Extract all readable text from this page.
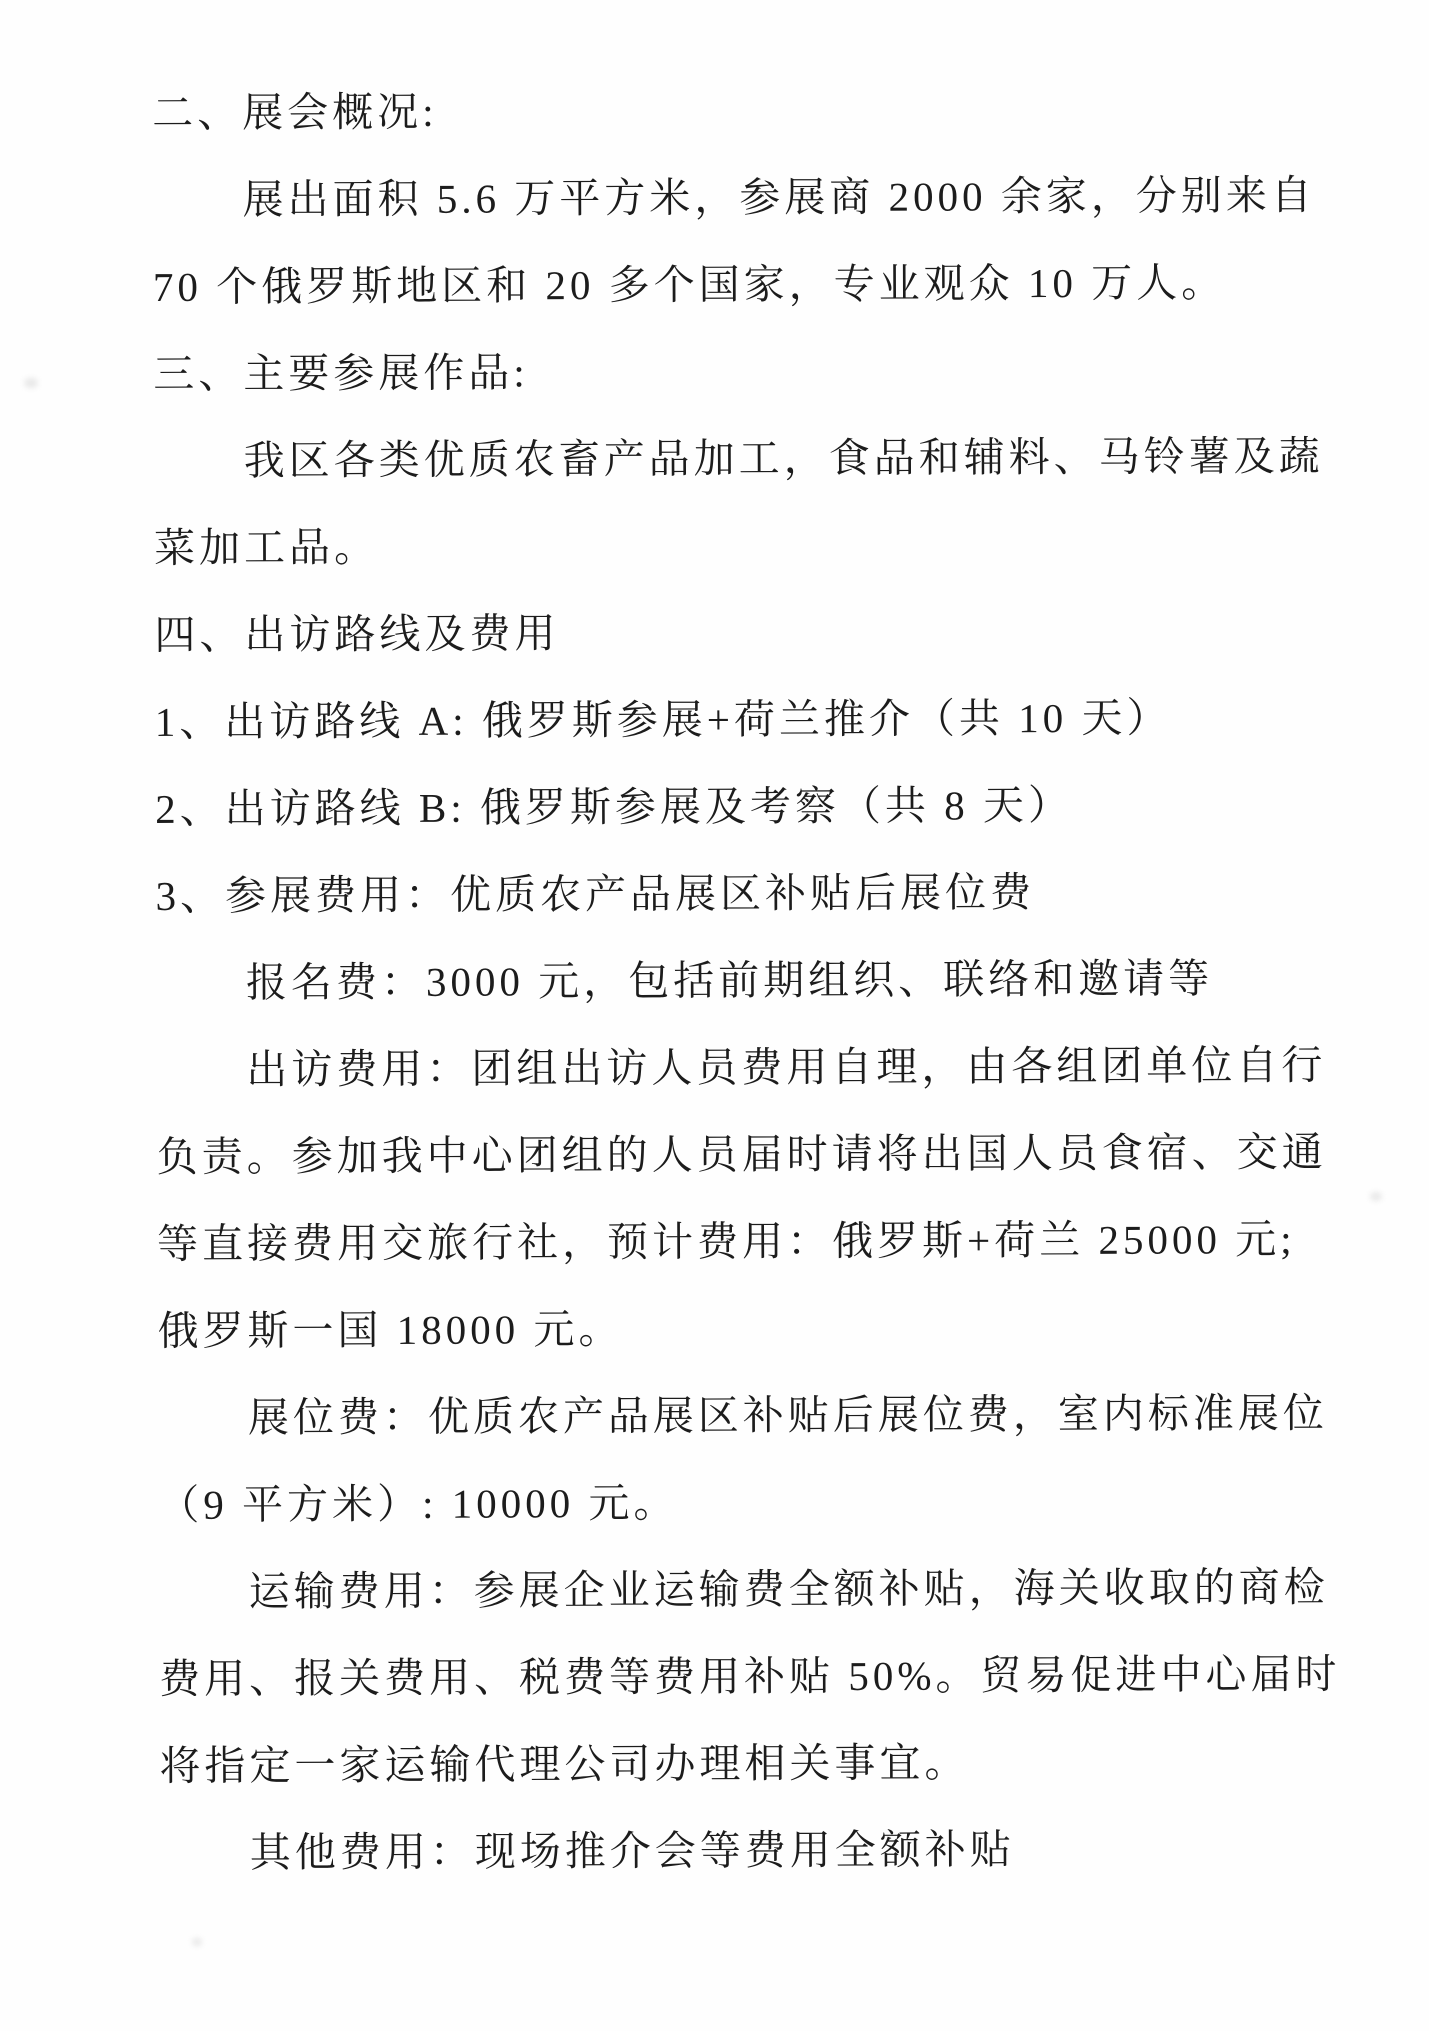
二、展会概况:
展出面积 5.6 万平方米，参展商 2000 余家，分别来自
70 个俄罗斯地区和 20 多个国家，专业观众 10 万人。
三、主要参展作品:
我区各类优质农畜产品加工，食品和辅料、马铃薯及蔬
菜加工品。
四、出访路线及费用
1、出访路线 A: 俄罗斯参展+荷兰推介（共 10 天）
2、出访路线 B: 俄罗斯参展及考察（共 8 天）
3、参展费用：优质农产品展区补贴后展位费
报名费：3000 元，包括前期组织、联络和邀请等
出访费用：团组出访人员费用自理，由各组团单位自行
负责。参加我中心团组的人员届时请将出国人员食宿、交通
等直接费用交旅行社，预计费用：俄罗斯+荷兰 25000 元;
俄罗斯一国 18000 元。
展位费：优质农产品展区补贴后展位费，室内标准展位
（9 平方米）: 10000 元。
运输费用：参展企业运输费全额补贴，海关收取的商检
费用、报关费用、税费等费用补贴 50%。贸易促进中心届时
将指定一家运输代理公司办理相关事宜。
其他费用：现场推介会等费用全额补贴
